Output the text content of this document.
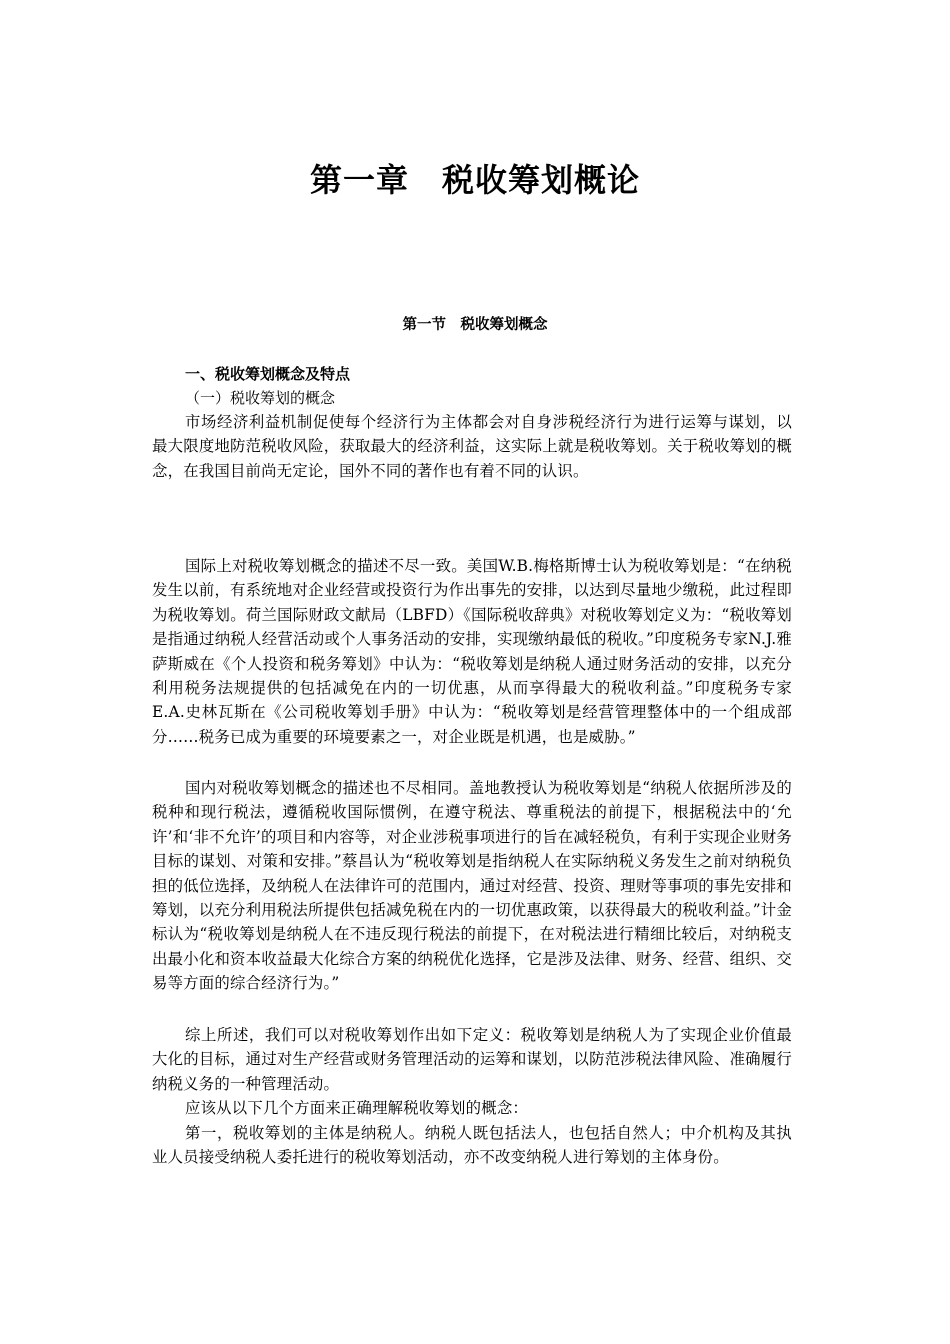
第一章　税收筹划概论
第一节　税收筹划概念
一、税收筹划概念及特点
（一）税收筹划的概念

市场经济利益机制促使每个经济行为主体都会对自身涉税经济行为进行运筹与谋划，以最大限度地防范税收风险，获取最大的经济利益，这实际上就是税收筹划。关于税收筹划的概念，在我国目前尚无定论，国外不同的著作也有着不同的认识。

国际上对税收筹划概念的描述不尽一致。美国W.B.梅格斯博士认为税收筹划是：“在纳税发生以前，有系统地对企业经营或投资行为作出事先的安排，以达到尽量地少缴税，此过程即为税收筹划。荷兰国际财政文献局（LBFD）《国际税收辞典》对税收筹划定义为：“税收筹划是指通过纳税人经营活动或个人事务活动的安排，实现缴纳最低的税收。”印度税务专家N.J.雅萨斯威在《个人投资和税务筹划》中认为：“税收筹划是纳税人通过财务活动的安排，以充分利用税务法规提供的包括减免在内的一切优惠，从而享得最大的税收利益。”印度税务专家E.A.史林瓦斯在《公司税收筹划手册》中认为：“税收筹划是经营管理整体中的一个组成部分……税务已成为重要的环境要素之一，对企业既是机遇，也是威胁。”

国内对税收筹划概念的描述也不尽相同。盖地教授认为税收筹划是“纳税人依据所涉及的税种和现行税法，遵循税收国际惯例，在遵守税法、尊重税法的前提下，根据税法中的‘允许’和‘非不允许’的项目和内容等，对企业涉税事项进行的旨在减轻税负，有利于实现企业财务目标的谋划、对策和安排。”蔡昌认为“税收筹划是指纳税人在实际纳税义务发生之前对纳税负担的低位选择，及纳税人在法律许可的范围内，通过对经营、投资、理财等事项的事先安排和筹划，以充分利用税法所提供包括减免税在内的一切优惠政策，以获得最大的税收利益。”计金标认为“税收筹划是纳税人在不违反现行税法的前提下，在对税法进行精细比较后，对纳税支出最小化和资本收益最大化综合方案的纳税优化选择，它是涉及法律、财务、经营、组织、交易等方面的综合经济行为。”

综上所述，我们可以对税收筹划作出如下定义：税收筹划是纳税人为了实现企业价值最大化的目标，通过对生产经营或财务管理活动的运筹和谋划，以防范涉税法律风险、准确履行纳税义务的一种管理活动。

应该从以下几个方面来正确理解税收筹划的概念：

第一，税收筹划的主体是纳税人。纳税人既包括法人，也包括自然人；中介机构及其执业人员接受纳税人委托进行的税收筹划活动，亦不改变纳税人进行筹划的主体身份。
